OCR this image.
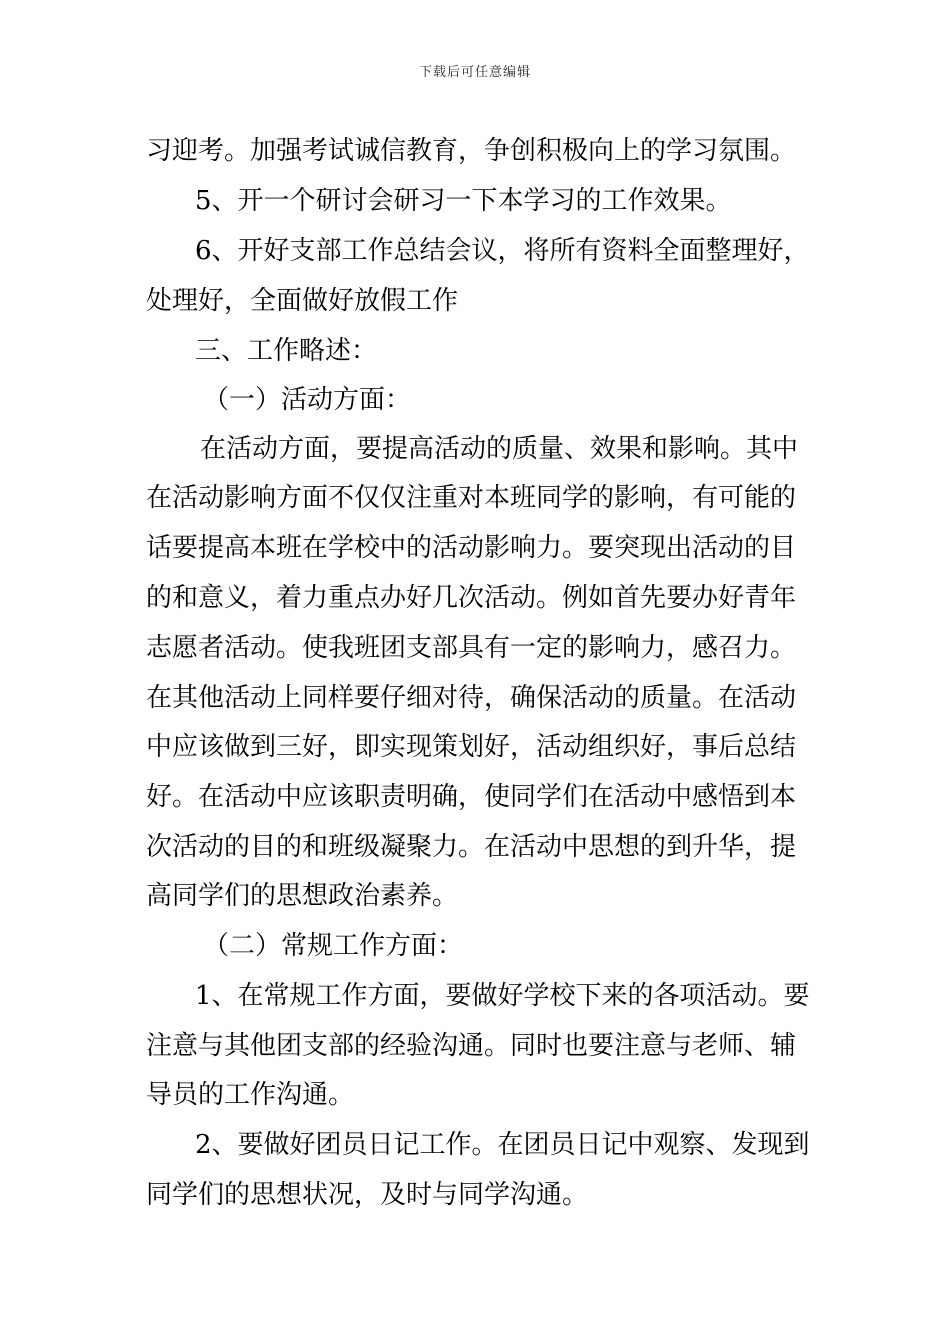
下载后可任意编辑
习迎考。加强考试诚信教育，争创积极向上的学习氛围。
5、开一个研讨会研习一下本学习的工作效果。
6、开好支部工作总结会议，将所有资料全面整理好，
处理好，全面做好放假工作
三、工作略述：
（一）活动方面：
在活动方面，要提高活动的质量、效果和影响。其中
在活动影响方面不仅仅注重对本班同学的影响，有可能的
话要提高本班在学校中的活动影响力。要突现出活动的目
的和意义，着力重点办好几次活动。例如首先要办好青年
志愿者活动。使我班团支部具有一定的影响力，感召力。
在其他活动上同样要仔细对待，确保活动的质量。在活动
中应该做到三好，即实现策划好，活动组织好，事后总结
好。在活动中应该职责明确，使同学们在活动中感悟到本
次活动的目的和班级凝聚力。在活动中思想的到升华，提
高同学们的思想政治素养。
（二）常规工作方面：
1、在常规工作方面，要做好学校下来的各项活动。要
注意与其他团支部的经验沟通。同时也要注意与老师、辅
导员的工作沟通。
2、要做好团员日记工作。在团员日记中观察、发现到
同学们的思想状况，及时与同学沟通。
